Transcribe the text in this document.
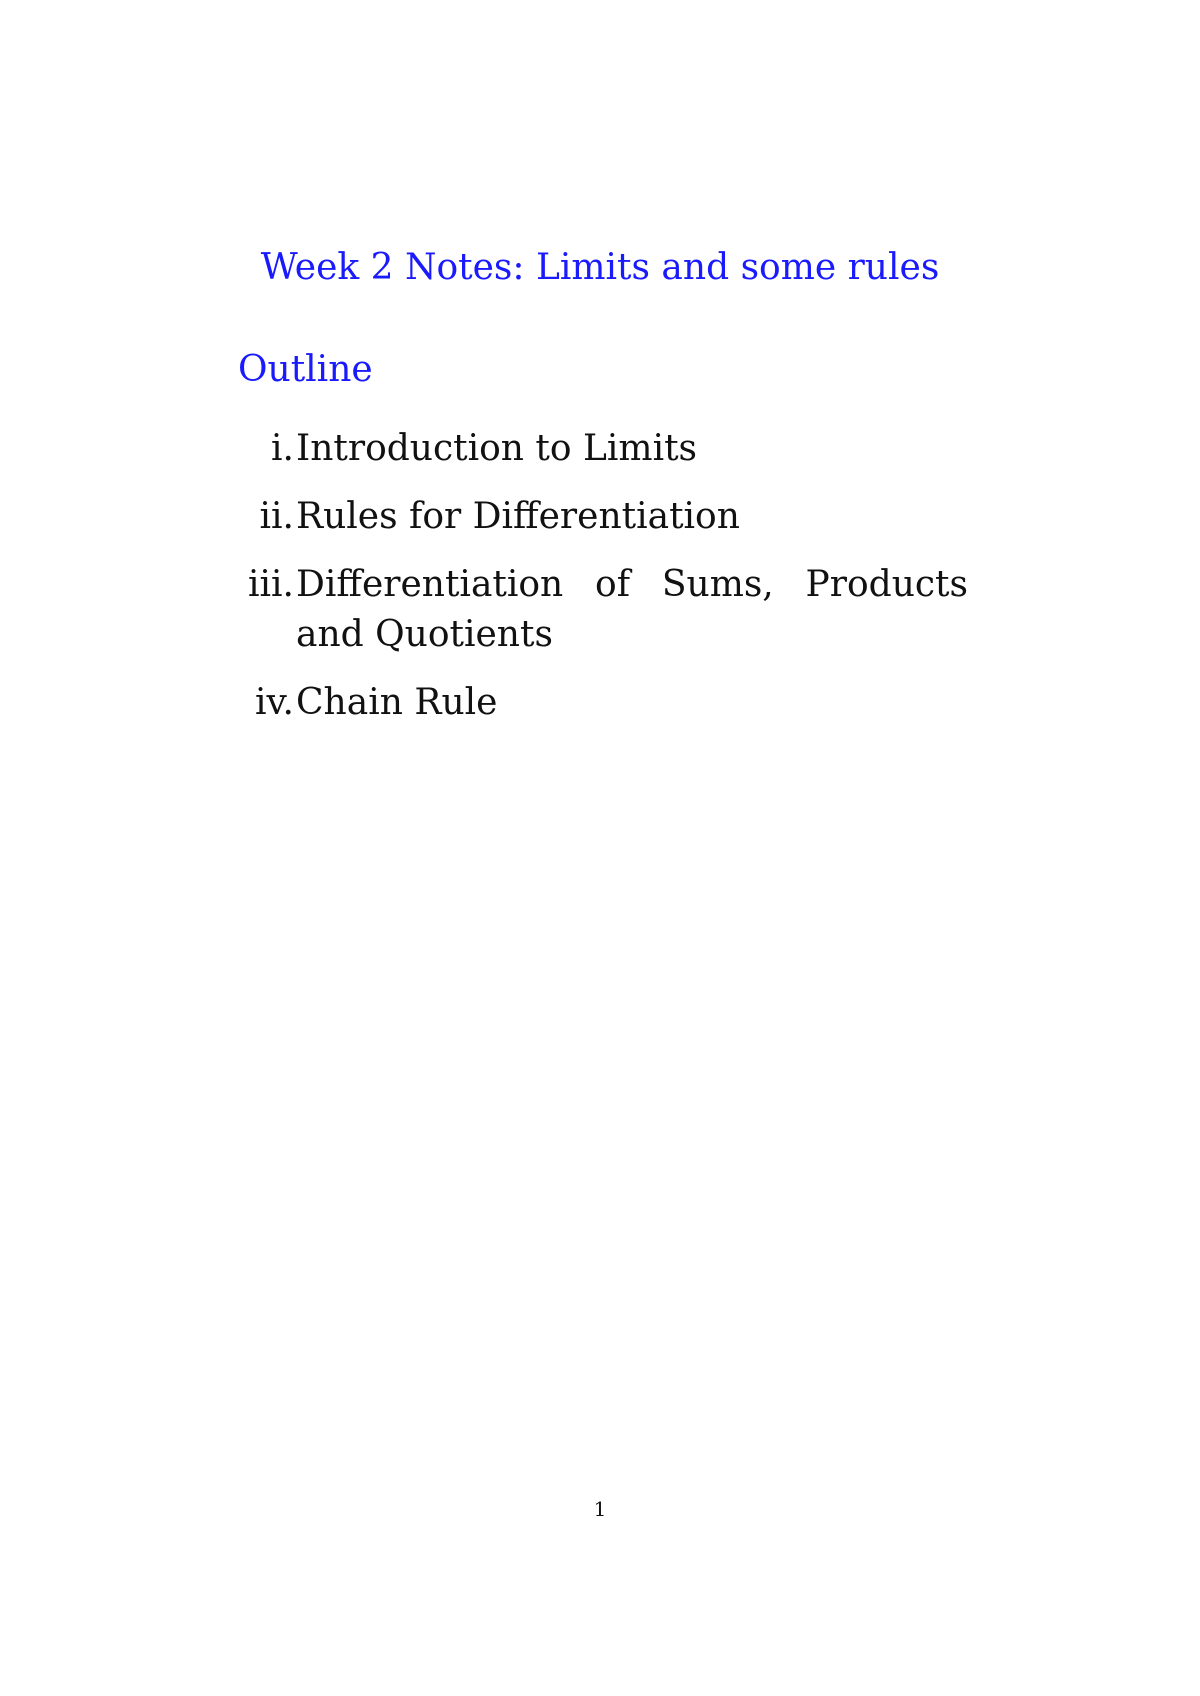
Week 2 Notes: Limits and some rules
Outline
i. Introduction to Limits
ii. Rules for Differentiation
iii. Differentiation of Sums, Products and Quotients
iv. Chain Rule
1
